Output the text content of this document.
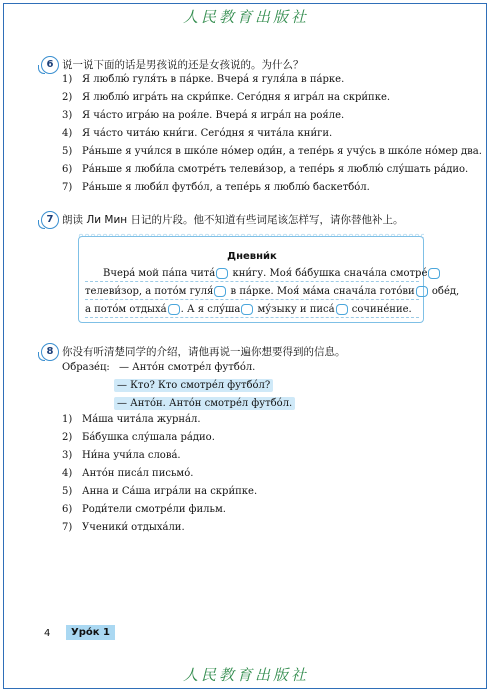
人民教育出版社
6 说一说下面的话是男孩说的还是女孩说的。为什么？
1) Я люблю́ гуля́ть в па́рке. Вчера́ я гуля́ла в па́рке.
2) Я люблю́ игра́ть на скри́пке. Сего́дня я игра́л на скри́пке.
3) Я ча́сто игра́ю на роя́ле. Вчера́ я игра́л на роя́ле.
4) Я ча́сто чита́ю кни́ги. Сего́дня я чита́ла кни́ги.
5) Ра́ньше я учи́лся в шко́ле но́мер оди́н, а тепе́рь я учу́сь в шко́ле но́мер два.
6) Ра́ньше я люби́ла смотре́ть телеви́зор, а тепе́рь я люблю́ слу́шать ра́дио.
7) Ра́ньше я люби́л футбо́л, а тепе́рь я люблю́ баскетбо́л.
7 朗读 Ли Мин 日记的片段。他不知道有些词尾该怎样写，请你替他补上。
Дневни́к
Вчера́ мой па́па чита́ кни́гу. Моя́ ба́бушка снача́ла смотре́
телеви́зор, а пото́м гуля́ в па́рке. Моя́ ма́ма снача́ла гото́ви обе́д,
а пото́м отдыха́ . А я слу́ша му́зыку и писа́ сочине́ние.
8 你没有听清楚同学的介绍，请他再说一遍你想要得到的信息。
Образе́ц: — Анто́н смотре́л футбо́л.
— Кто? Кто смотре́л футбо́л?
— Анто́н. Анто́н смотре́л футбо́л.
1) Ма́ша чита́ла журна́л.
2) Ба́бушка слу́шала ра́дио.
3) Ни́на учи́ла слова́.
4) Анто́н писа́л письмо́.
5) Анна и Са́ша игра́ли на скри́пке.
6) Роди́тели смотре́ли фильм.
7) Ученики́ отдыха́ли.
4	Уро́к 1
人民教育出版社
